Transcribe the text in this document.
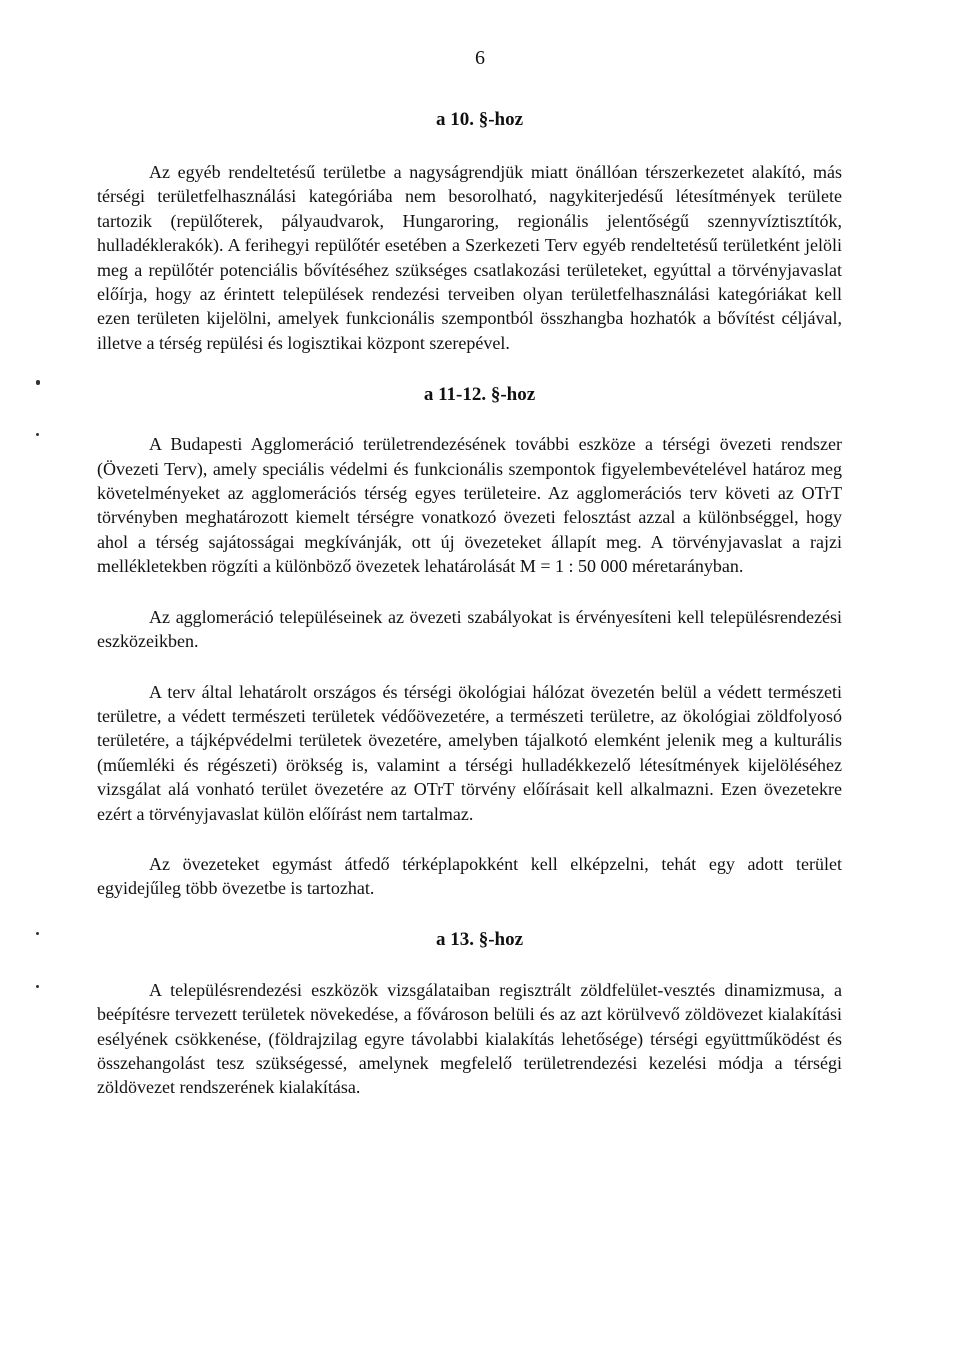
6
a 10. §-hoz

Az egyéb rendeltetésű területbe a nagyságrendjük miatt önállóan térszerkezetet alakító, más térségi területfelhasználási kategóriába nem besorolható, nagykiterjedésű létesítmények területe tartozik (repülőterek, pályaudvarok, Hungaroring, regionális jelentőségű szennyvíztisztítók, hulladéklerakók). A ferihegyi repülőtér esetében a Szerkezeti Terv egyéb rendeltetésű területként jelöli meg a repülőtér potenciális bővítéséhez szükséges csatlakozási területeket, egyúttal a törvényjavaslat előírja, hogy az érintett települések rendezési terveiben olyan területfelhasználási kategóriákat kell ezen területen kijelölni, amelyek funkcionális szempontból összhangba hozhatók a bővítést céljával, illetve a térség repülési és logisztikai központ szerepével.

a 11-12. §-hoz

A Budapesti Agglomeráció területrendezésének további eszköze a térségi övezeti rendszer (Övezeti Terv), amely speciális védelmi és funkcionális szempontok figyelembevételével határoz meg követelményeket az agglomerációs térség egyes területeire. Az agglomerációs terv követi az OTrT törvényben meghatározott kiemelt térségre vonatkozó övezeti felosztást azzal a különbséggel, hogy ahol a térség sajátosságai megkívánják, ott új övezeteket állapít meg. A törvényjavaslat a rajzi mellékletekben rögzíti a különböző övezetek lehatárolását M = 1 : 50 000 méretarányban.

Az agglomeráció településeinek az övezeti szabályokat is érvényesíteni kell településrendezési eszközeikben.

A terv által lehatárolt országos és térségi ökológiai hálózat övezetén belül a védett természeti területre, a védett természeti területek védőövezetére, a természeti területre, az ökológiai zöldfolyosó területére, a tájképvédelmi területek övezetére, amelyben tájalkotó elemként jelenik meg a kulturális (műemléki és régészeti) örökség is, valamint a térségi hulladékkezelő létesítmények kijelöléséhez vizsgálat alá vonható terület övezetére az OTrT törvény előírásait kell alkalmazni. Ezen övezetekre ezért a törvényjavaslat külön előírást nem tartalmaz.

Az övezeteket egymást átfedő térképlapokként kell elképzelni, tehát egy adott terület egyidejűleg több övezetbe is tartozhat.

a 13. §-hoz

A településrendezési eszközök vizsgálataiban regisztrált zöldfelület-vesztés dinamizmusa, a beépítésre tervezett területek növekedése, a fővároson belüli és az azt körülvevő zöldövezet kialakítási esélyének csökkenése, (földrajzilag egyre távolabbi kialakítás lehetősége) térségi együttműködést és összehangolást tesz szükségessé, amelynek megfelelő területrendezési kezelési módja a térségi zöldövezet rendszerének kialakítása.
